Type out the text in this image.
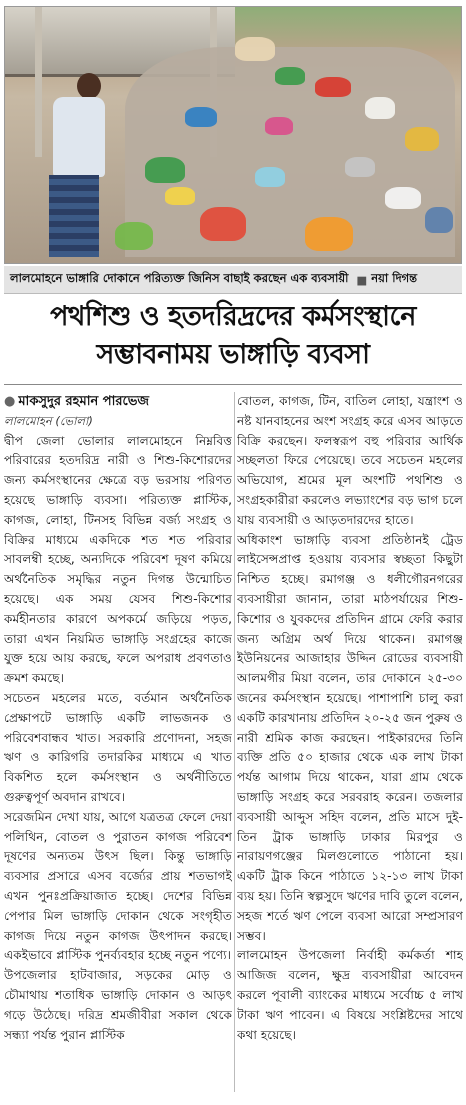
লালমোহনে ভাঙ্গারি দোকানে পরিত্যক্ত জিনিস বাছাই করছেন এক ব্যবসায়ী ■ নয়া দিগন্ত
পথশিশু ও হতদরিদ্রদের কর্মসংস্থানে
সম্ভাবনাময় ভাঙ্গাড়ি ব্যবসা
● মাকসুদুর রহমান পারভেজ
লালমোহন (ভোলা)

দ্বীপ জেলা ভোলার লালমোহনে নিম্নবিত্ত পরিবারের হতদরিদ্র নারী ও শিশু-কিশোরদের জন্য কর্মসংস্থানের ক্ষেত্রে বড় ভরসায় পরিণত হয়েছে ভাঙ্গাড়ি ব্যবসা। পরিত্যক্ত প্লাস্টিক, কাগজ, লোহা, টিনসহ বিভিন্ন বর্জ্য সংগ্রহ ও বিক্রির মাধ্যমে একদিকে শত শত পরিবার সাবলম্বী হচ্ছে, অন্যদিকে পরিবেশ দূষণ কমিয়ে অর্থনৈতিক সমৃদ্ধির নতুন দিগন্ত উন্মোচিত হয়েছে। এক সময় যেসব শিশু-কিশোর কর্মহীনতার কারণে অপকর্মে জড়িয়ে পড়ত, তারা এখন নিয়মিত ভাঙ্গাড়ি সংগ্রহের কাজে যুক্ত হয়ে আয় করছে, ফলে অপরাধ প্রবণতাও ক্রমশ কমছে।

সচেতন মহলের মতে, বর্তমান অর্থনৈতিক প্রেক্ষাপটে ভাঙ্গাড়ি একটি লাভজনক ও পরিবেশবান্ধব খাত। সরকারি প্রণোদনা, সহজ ঋণ ও কারিগরি তদারকির মাধ্যমে এ খাত বিকশিত হলে কর্মসংস্থান ও অর্থনীতিতে গুরুত্বপূর্ণ অবদান রাখবে।

সরেজমিন দেখা যায়, আগে যত্রতত্র ফেলে দেয়া পলিথিন, বোতল ও পুরাতন কাগজ পরিবেশ দূষণের অন্যতম উৎস ছিল। কিন্তু ভাঙ্গাড়ি ব্যবসার প্রসারে এসব বর্জ্যের প্রায় শতভাগই এখন পুনঃপ্রক্রিয়াজাত হচ্ছে। দেশের বিভিন্ন পেপার মিল ভাঙ্গাড়ি দোকান থেকে সংগৃহীত কাগজ দিয়ে নতুন কাগজ উৎপাদন করছে। একইভাবে প্লাস্টিক পুনর্ব্যবহার হচ্ছে নতুন পণ্যে।

উপজেলার হাটবাজার, সড়কের মোড় ও চৌমাথায় শতাধিক ভাঙ্গাড়ি দোকান ও আড়ৎ গড়ে উঠেছে। দরিদ্র শ্রমজীবীরা সকাল থেকে সন্ধ্যা পর্যন্ত পুরান প্লাস্টিক

বোতল, কাগজ, টিন, বাতিল লোহা, যন্ত্রাংশ ও নষ্ট যানবাহনের অংশ সংগ্রহ করে এসব আড়তে বিক্রি করছেন। ফলস্বরূপ বহু পরিবার আর্থিক সচ্ছলতা ফিরে পেয়েছে। তবে সচেতন মহলের অভিযোগ, শ্রমের মূল অংশটি পথশিশু ও সংগ্রহকারীরা করলেও লভ্যাংশের বড় ভাগ চলে যায় ব্যবসায়ী ও আড়তদারদের হাতে।

অধিকাংশ ভাঙ্গাড়ি ব্যবসা প্রতিষ্ঠানই ট্রেড লাইসেন্সপ্রাপ্ত হওয়ায় ব্যবসার স্বচ্ছতা কিছুটা নিশ্চিত হচ্ছে। রমাগঞ্জ ও ধলীগৌরনগরের ব্যবসায়ীরা জানান, তারা মাঠপর্যায়ের শিশু-কিশোর ও যুবকদের প্রতিদিন গ্রামে ফেরি করার জন্য অগ্রিম অর্থ দিয়ে থাকেন। রমাগঞ্জ ইউনিয়নের আজাহার উদ্দিন রোডের ব্যবসায়ী আলমগীর মিয়া বলেন, তার দোকানে ২৫-৩০ জনের কর্মসংস্থান হয়েছে। পাশাপাশি চালু করা একটি কারখানায় প্রতিদিন ২০-২৫ জন পুরুষ ও নারী শ্রমিক কাজ করছেন। পাইকারদের তিনি ব্যক্তি প্রতি ৫০ হাজার থেকে এক লাখ টাকা পর্যন্ত আগাম দিয়ে থাকেন, যারা গ্রাম থেকে ভাঙ্গাড়ি সংগ্রহ করে সরবরাহ করেন। তজলার ব্যবসায়ী আব্দুস সহিদ বলেন, প্রতি মাসে দুই-তিন ট্রাক ভাঙ্গাড়ি ঢাকার মিরপুর ও নারায়ণগঞ্জের মিলগুলোতে পাঠানো হয়। একটি ট্রাক কিনে পাঠাতে ১২-১৩ লাখ টাকা ব্যয় হয়। তিনি স্বল্পসুদে ঋণের দাবি তুলে বলেন, সহজ শর্তে ঋণ পেলে ব্যবসা আরো সম্প্রসারণ সম্ভব।

লালমোহন উপজেলা নির্বাহী কর্মকর্তা শাহ আজিজ বলেন, ক্ষুদ্র ব্যবসায়ীরা আবেদন করলে পূবালী ব্যাংকের মাধ্যমে সর্বোচ্চ ৫ লাখ টাকা ঋণ পাবেন। এ বিষয়ে সংশ্লিষ্টদের সাথে কথা হয়েছে।
